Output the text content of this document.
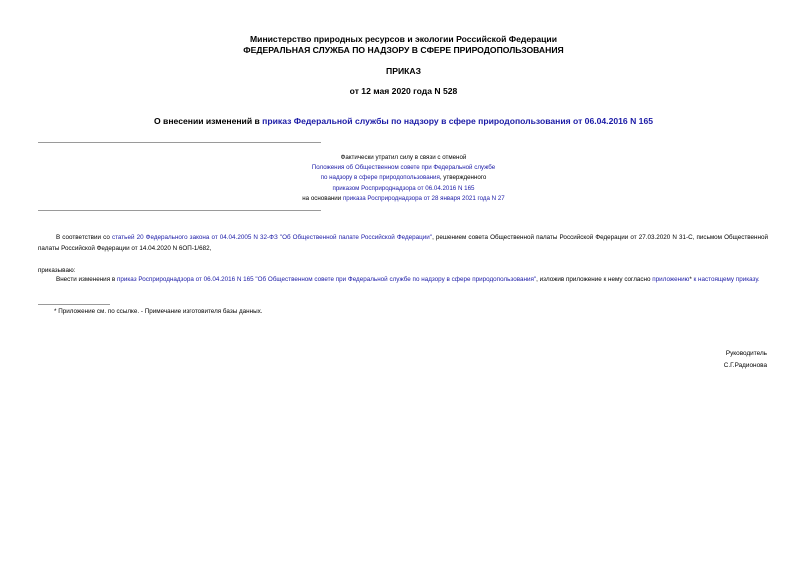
Министерство природных ресурсов и экологии Российской Федерации
ФЕДЕРАЛЬНАЯ СЛУЖБА ПО НАДЗОРУ В СФЕРЕ ПРИРОДОПОЛЬЗОВАНИЯ
ПРИКАЗ
от 12 мая 2020 года N 528
О внесении изменений в приказ Федеральной службы по надзору в сфере природопользования от 06.04.2016 N 165
Фактически утратил силу в связи с отменой
Положения об Общественном совете при Федеральной службе
по надзору в сфере природопользования, утвержденного
приказом Росприроднадзора от 06.04.2016 N 165
на основании приказа Росприроднадзора от 28 января 2021 года N 27
В соответствии со статьей 20 Федерального закона от 04.04.2005 N 32-ФЗ "Об Общественной палате Российской Федерации", решением совета Общественной палаты Российской Федерации от 27.03.2020 N 31-С, письмом Общественной палаты Российской Федерации от 14.04.2020 N 6ОП-1/682,
приказываю:
Внести изменения в приказ Росприроднадзора от 06.04.2016 N 165 "Об Общественном совете при Федеральной службе по надзору в сфере природопользования", изложив приложение к нему согласно приложению* к настоящему приказу.
* Приложение см. по ссылке. - Примечание изготовителя базы данных.
Руководитель
С.Г.Радионова
